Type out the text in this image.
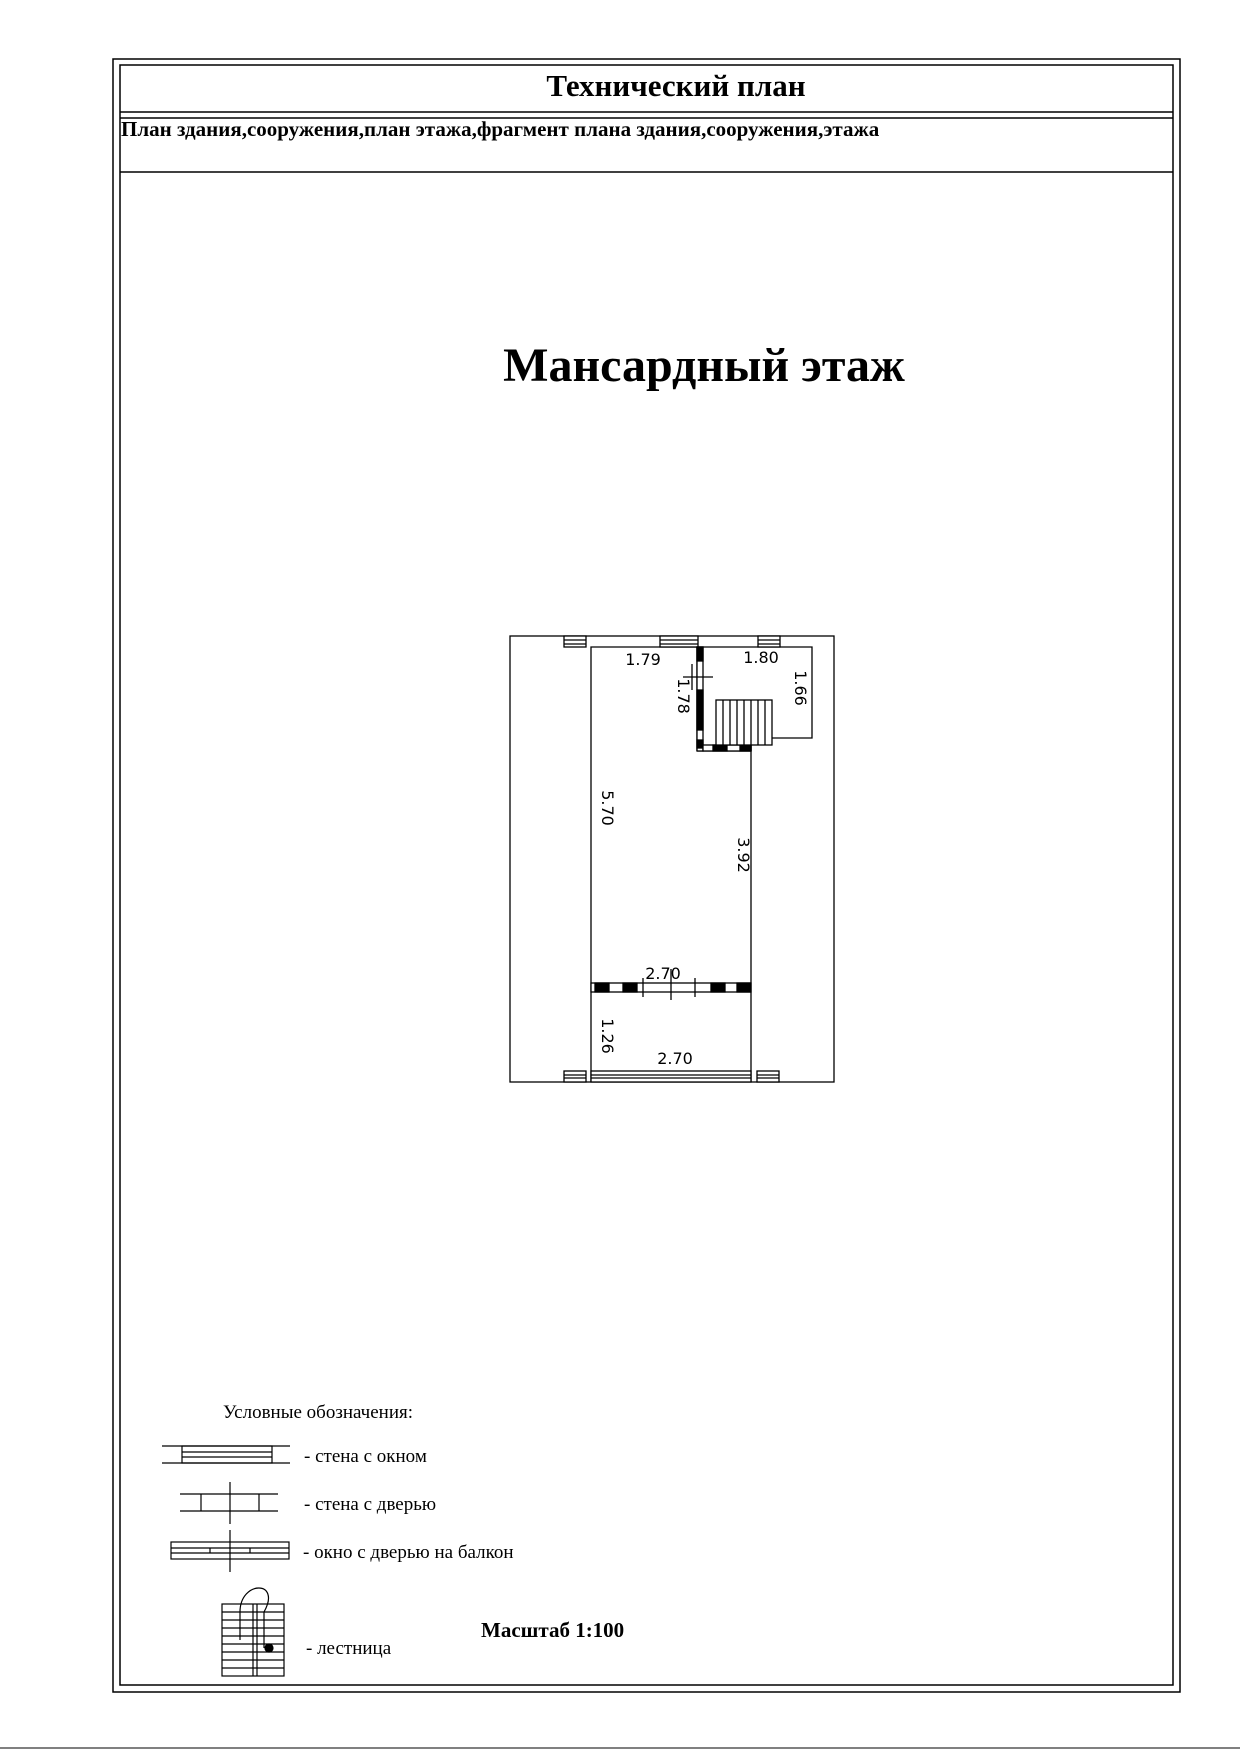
Технический план
План здания,сооружения,план этажа,фрагмент плана здания,сооружения,этажа
Мансардный этаж
1.79	1.80
1.66
1.78
5.70
3.92
2.70
1.26
2.70
Условные обозначения:
- стена с окном
- стена с дверью
- окно с дверью на балкон
- лестница
Масштаб 1:100
